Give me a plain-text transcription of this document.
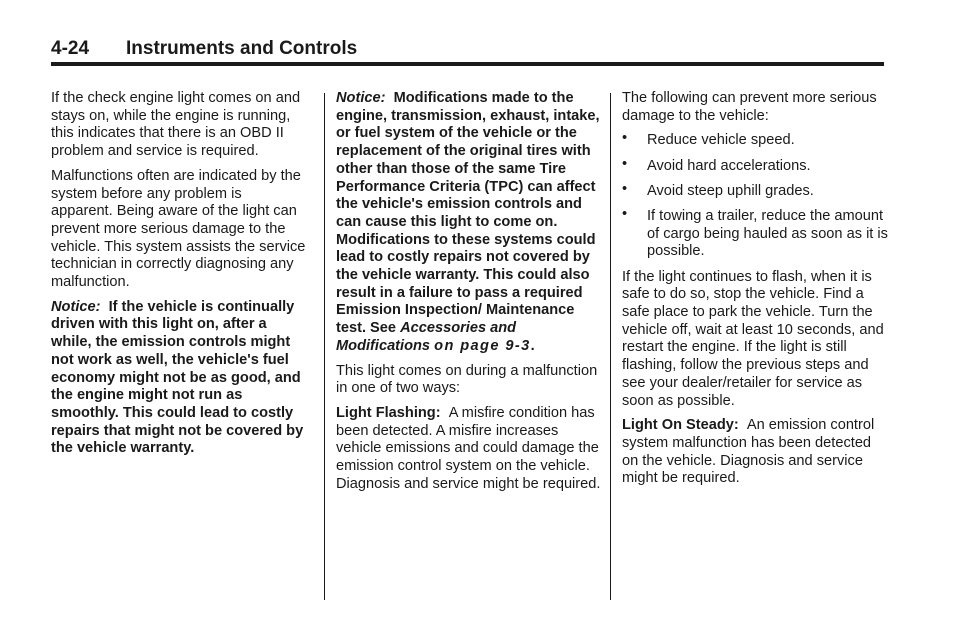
4-24 Instruments and Controls

If the check engine light comes on and stays on, while the engine is running, this indicates that there is an OBD II problem and service is required.

Malfunctions often are indicated by the system before any problem is apparent. Being aware of the light can prevent more serious damage to the vehicle. This system assists the service technician in correctly diagnosing any malfunction.

Notice: If the vehicle is continually driven with this light on, after a while, the emission controls might not work as well, the vehicle's fuel economy might not be as good, and the engine might not run as smoothly. This could lead to costly repairs that might not be covered by the vehicle warranty.

Notice: Modifications made to the engine, transmission, exhaust, intake, or fuel system of the vehicle or the replacement of the original tires with other than those of the same Tire Performance Criteria (TPC) can affect the vehicle's emission controls and can cause this light to come on. Modifications to these systems could lead to costly repairs not covered by the vehicle warranty. This could also result in a failure to pass a required Emission Inspection/ Maintenance test. See Accessories and Modifications on page 9-3.

This light comes on during a malfunction in one of two ways:

Light Flashing: A misfire condition has been detected. A misfire increases vehicle emissions and could damage the emission control system on the vehicle. Diagnosis and service might be required.

The following can prevent more serious damage to the vehicle:

• Reduce vehicle speed.
• Avoid hard accelerations.
• Avoid steep uphill grades.
• If towing a trailer, reduce the amount of cargo being hauled as soon as it is possible.

If the light continues to flash, when it is safe to do so, stop the vehicle. Find a safe place to park the vehicle. Turn the vehicle off, wait at least 10 seconds, and restart the engine. If the light is still flashing, follow the previous steps and see your dealer/retailer for service as soon as possible.

Light On Steady: An emission control system malfunction has been detected on the vehicle. Diagnosis and service might be required.
